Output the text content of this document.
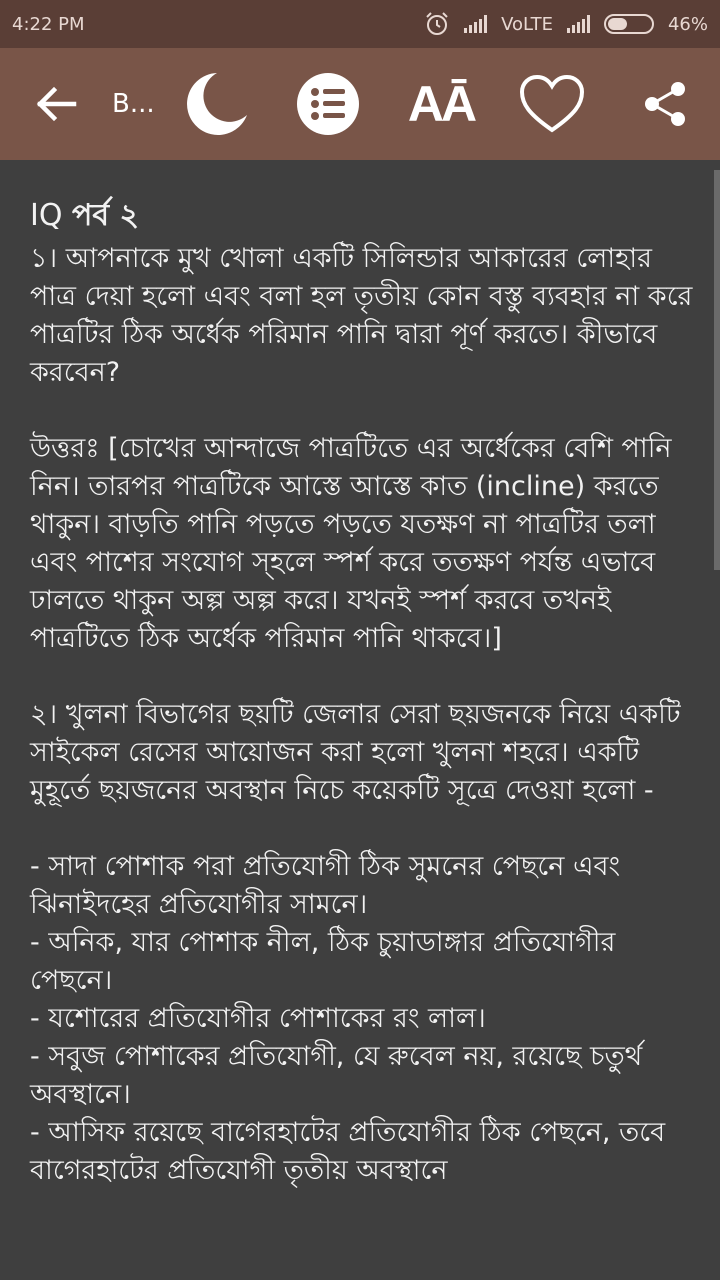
4:22 PM	VoLTE	46%
B...	AĀ
IQ পর্ব ২
১। আপনাকে মুখ খোলা একটি সিলিন্ডার আকারের লোহার পাত্র দেয়া হলো এবং বলা হল তৃতীয় কোন বস্তু ব্যবহার না করে পাত্রটির ঠিক অর্ধেক পরিমান পানি দ্বারা পূর্ণ করতে। কীভাবে করবেন?
উত্তরঃ [চোখের আন্দাজে পাত্রটিতে এর অর্ধেকের বেশি পানি নিন। তারপর পাত্রটিকে আস্তে আস্তে কাত (incline) করতে থাকুন। বাড়তি পানি পড়তে পড়তে যতক্ষণ না পাত্রটির তলা এবং পাশের সংযোগ স্হলে স্পর্শ করে ততক্ষণ পর্যন্ত এভাবে ঢালতে থাকুন অল্প অল্প করে। যখনই স্পর্শ করবে তখনই পাত্রটিতে ঠিক অর্ধেক পরিমান পানি থাকবে।]
২। খুলনা বিভাগের ছয়টি জেলার সেরা ছয়জনকে নিয়ে একটি সাইকেল রেসের আয়োজন করা হলো খুলনা শহরে। একটি মুহূর্তে ছয়জনের অবস্থান নিচে কয়েকটি সূত্রে দেওয়া হলো -
- সাদা পোশাক পরা প্রতিযোগী ঠিক সুমনের পেছনে এবং ঝিনাইদহের প্রতিযোগীর সামনে।
- অনিক, যার পোশাক নীল, ঠিক চুয়াডাঙ্গার প্রতিযোগীর পেছনে।
- যশোরের প্রতিযোগীর পোশাকের রং লাল।
- সবুজ পোশাকের প্রতিযোগী, যে রুবেল নয়, রয়েছে চতুর্থ অবস্থানে।
- আসিফ রয়েছে বাগেরহাটের প্রতিযোগীর ঠিক পেছনে, তবে বাগেরহাটের প্রতিযোগী তৃতীয় অবস্থানে
